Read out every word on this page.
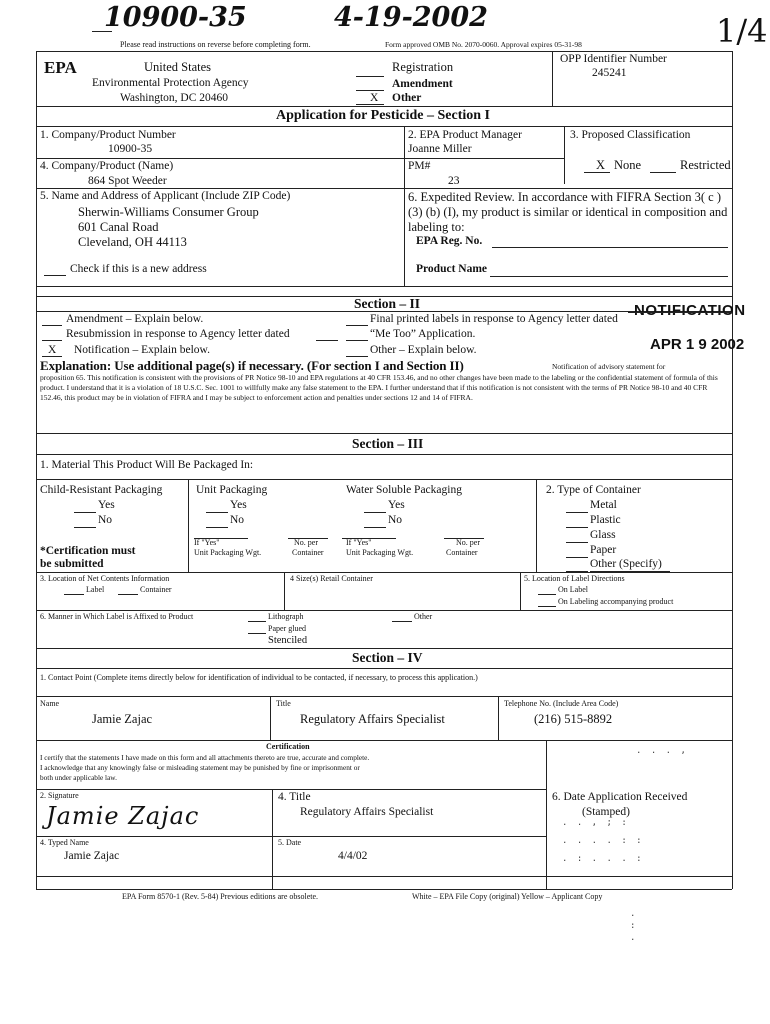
10900-35	4-19-2002	1/4
Please read instructions on reverse before completing form.	Form approved OMB No. 2070-0060. Approval expires 05-31-98
EPA	United States
Environmental Protection Agency
Washington, DC 20460
Registration
Amendment
X Other
OPP Identifier Number
245241
Application for Pesticide – Section I
1. Company/Product Number
10900-35
2. EPA Product Manager
Joanne Miller
3. Proposed Classification
X None	Restricted
4. Company/Product (Name)
864 Spot Weeder
PM#
23
5. Name and Address of Applicant (Include ZIP Code)
Sherwin-Williams Consumer Group
601 Canal Road
Cleveland, OH 44113
Check if this is a new address
6. Expedited Review. In accordance with FIFRA Section 3( c ) (3) (b) (I), my product is similar or identical in composition and labeling to:
EPA Reg. No.
Product Name
Section – II
Amendment – Explain below.
Resubmission in response to Agency letter dated
X Notification – Explain below.
Final printed labels in response to Agency letter dated
“Me Too” Application.
Other – Explain below.
NOTIFICATION
APR 1 9 2002
Explanation: Use additional page(s) if necessary. (For section I and Section II)	Notification of advisory statement for
proposition 65. This notification is consistent with the provisions of PR Notice 98-10 and EPA regulations at 40 CFR 153.46, and no other changes have been made to the labeling or the confidential statement of formula of this product. I understand that it is a violation of 18 U.S.C. Sec. 1001 to willfully make any false statement to the EPA. I further understand that if this notification is not consistent with the terms of PR Notice 98-10 and 40 CFR 152.46, this product may be in violation of FIFRA and I may be subject to enforcement action and penalties under sections 12 and 14 of FIFRA.
Section – III
1. Material This Product Will Be Packaged In:
Child-Resistant Packaging	Unit Packaging	Water Soluble Packaging
Yes
No
Yes
No
Yes
No
If "Yes"
Unit Packaging Wgt.
No. per
Container
If "Yes"
Unit Packaging Wgt.
No. per
Container
*Certification must
be submitted
2. Type of Container
Metal
Plastic
Glass
Paper
Other (Specify)
3. Location of Net Contents Information
Label	Container
4 Size(s) Retail Container	5. Location of Label Directions
On Label
On Labeling accompanying product
6. Manner in Which Label is Affixed to Product	Lithograph
Paper glued
Stenciled
Other
Section – IV
1. Contact Point (Complete items directly below for identification of individual to be contacted, if necessary, to process this application.)
Name
Jamie Zajac
Title
Regulatory Affairs Specialist
Telephone No. (Include Area Code)
(216) 515-8892
Certification
I certify that the statements I have made on this form and all attachments thereto are true, accurate and complete.
I acknowledge that any knowingly false or misleading statement may be punished by fine or imprisonment or
both under applicable law.
. . . ,
2. Signature
Jamie Zajac
4. Title
Regulatory Affairs Specialist
6. Date Application Received
(Stamped)
. . , ; :
. . . . : :
. : . . . :
4. Typed Name
Jamie Zajac
5. Date
4/4/02
EPA Form 8570-1 (Rev. 5-84) Previous editions are obsolete.	White – EPA File Copy (original) Yellow – Applicant Copy
.
:
.
